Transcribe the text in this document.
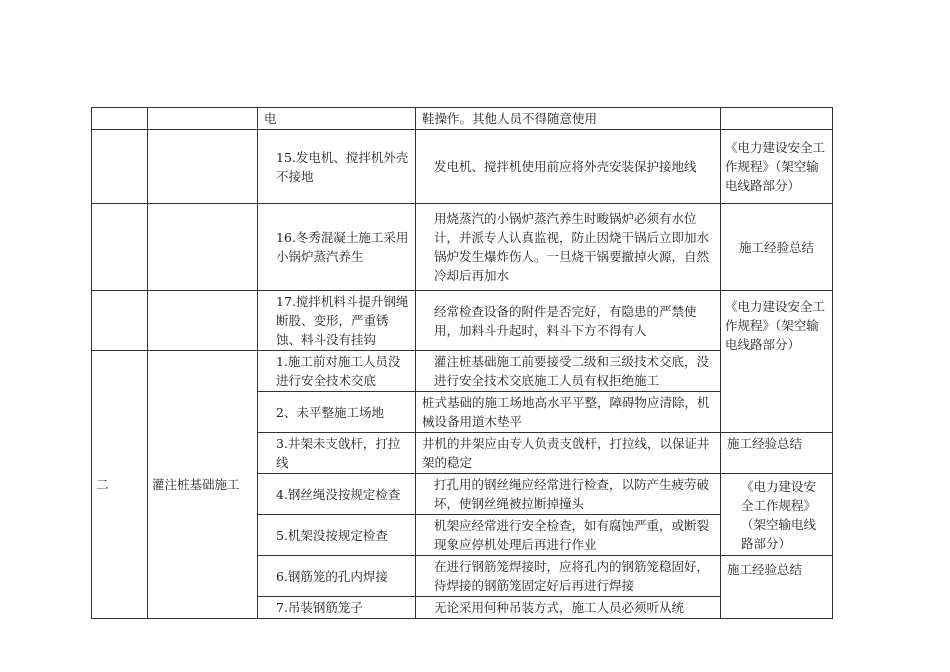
		电	鞋操作。其他人员不得随意使用	
		15.发电机、搅拌机外壳不接地	发电机、搅拌机使用前应将外壳安装保护接地线	《电力建设安全工作规程》（架空输电线路部分）
		16.冬秀混凝土施工采用小锅炉蒸汽养生	用烧蒸汽的小锅炉蒸汽养生时畯锅炉必须有水位计，并派专人认真监视，防止因烧干锅后立即加水锅炉发生爆炸伤人。一旦烧干锅要撤掉火源，自然冷却后再加水	施工经验总结
		17.搅拌机料斗提升钢绳断股、变形，严重锈蚀、料斗没有挂钩	经常检查设备的附件是否完好，有隐患的严禁使用，加料斗升起时，料斗下方不得有人	《电力建设安全工作规程》（架空输电线路部分）
二	灌注桩基础施工	1.施工前对施工人员没进行安全技术交底	灌注桩基础施工前要接受二级和三级技术交底，没进行安全技术交底施工人员有权拒绝施工	
		2、未平整施工场地	桩式基础的施工场地高水平平整，障碍物应清除，机械设备用道木垫平	
		3.井架未支戗杆，打拉线	井机的井架应由专人负责支戗杆，打拉线，以保证井架的稳定	施工经验总结
		4.钢丝绳没按规定检查	打孔用的钢丝绳应经常进行检查，以防产生疲劳破坏，使钢丝绳被拉断掉撞头	《电力建设安全工作规程》（架空输电线路部分）
		5.机架没按规定检查	机架应经常进行安全检查，如有腐蚀严重，或断裂现象应停机处理后再进行作业	
		6.钢筋笼的孔内焊接	在进行钢筋笼焊接时，应将孔内的钢筋笼稳固好，待焊接的钢筋笼固定好后再进行焊接	施工经验总结
		7.吊装钢筋笼子	无论采用何种吊装方式，施工人员必须听从统	
